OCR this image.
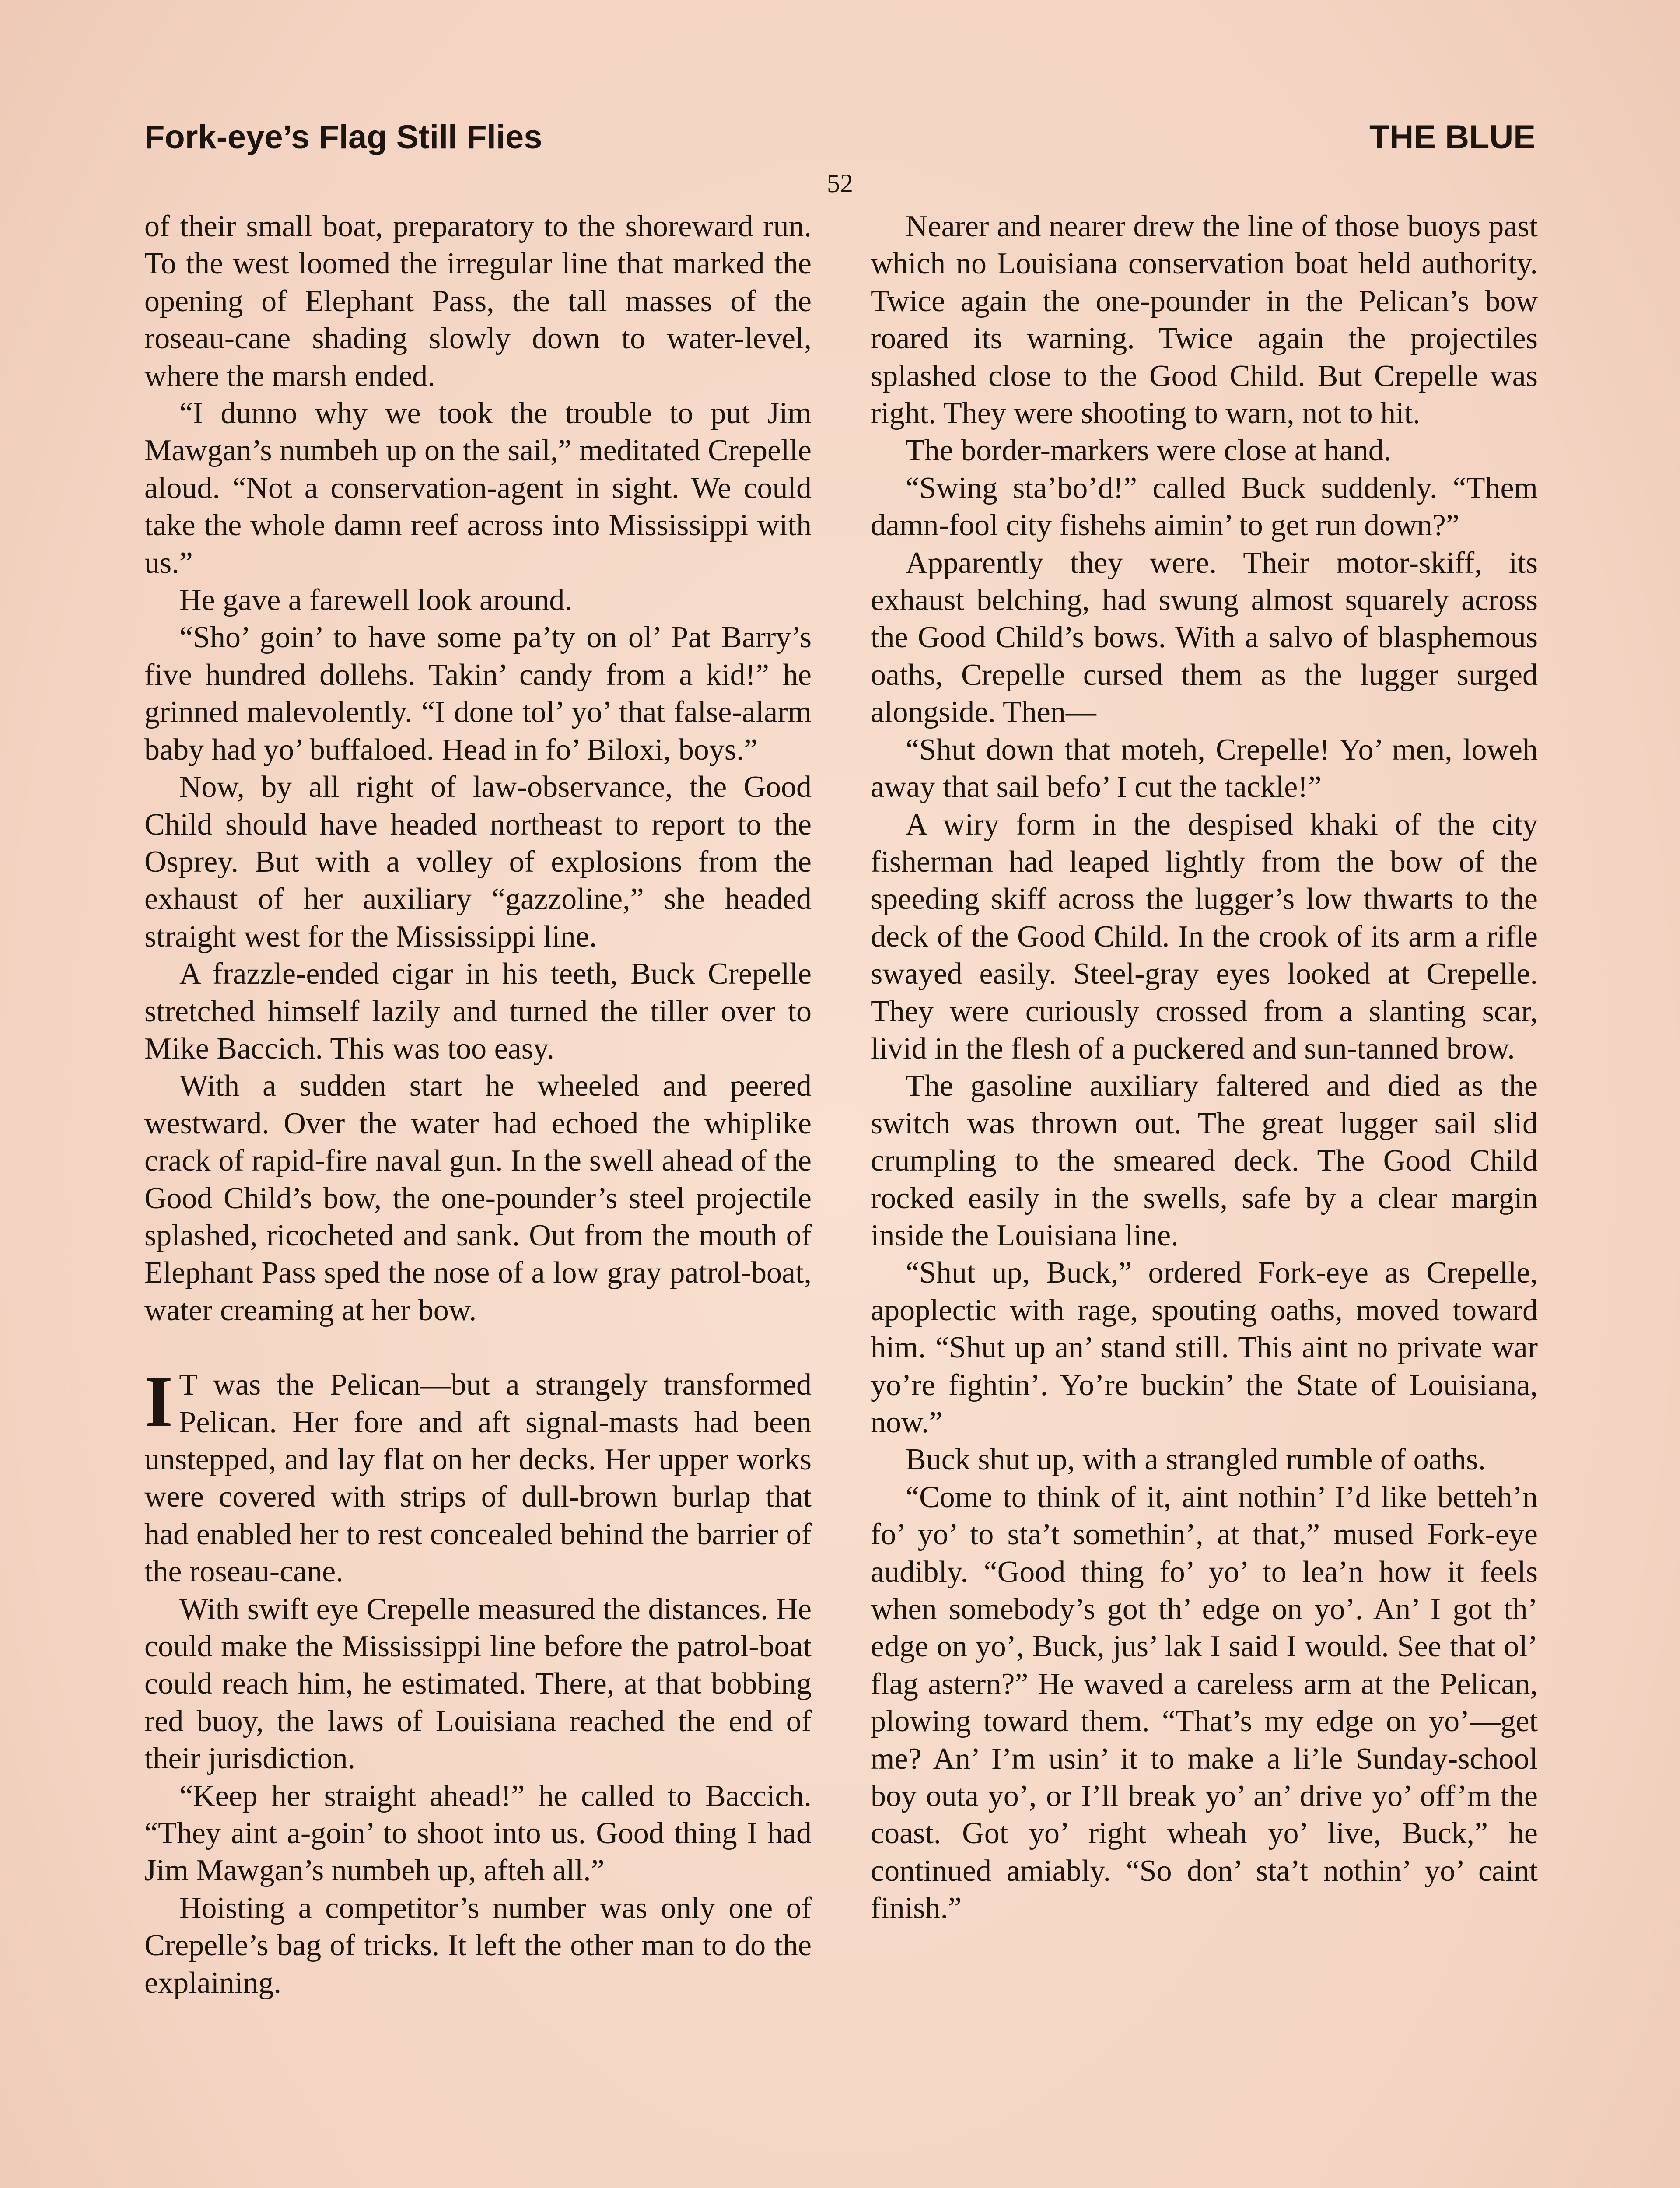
Fork-eye’s Flag Still Flies	THE BLUE
52

of their small boat, preparatory to the shoreward run. To the west loomed the irregular line that marked the opening of Elephant Pass, the tall masses of the roseau-cane shading slowly down to water-level, where the marsh ended.

“I dunno why we took the trouble to put Jim Mawgan’s numbeh up on the sail,” meditated Crepelle aloud. “Not a conservation-agent in sight. We could take the whole damn reef across into Mississippi with us.”

He gave a farewell look around.

“Sho’ goin’ to have some pa’ty on ol’ Pat Barry’s five hundred dollehs. Takin’ candy from a kid!” he grinned malevolently. “I done tol’ yo’ that false-alarm baby had yo’ buffaloed. Head in fo’ Biloxi, boys.”

Now, by all right of law-observance, the Good Child should have headed northeast to report to the Osprey. But with a volley of explosions from the exhaust of her auxiliary “gazzoline,” she headed straight west for the Mississippi line.

A frazzle-ended cigar in his teeth, Buck Crepelle stretched himself lazily and turned the tiller over to Mike Baccich. This was too easy.

With a sudden start he wheeled and peered westward. Over the water had echoed the whiplike crack of rapid-fire naval gun. In the swell ahead of the Good Child’s bow, the one-pounder’s steel projectile splashed, ricocheted and sank. Out from the mouth of Elephant Pass sped the nose of a low gray patrol-boat, water creaming at her bow.

I T was the Pelican—but a strangely transformed Pelican. Her fore and aft signal-masts had been unstepped, and lay flat on her decks. Her upper works were covered with strips of dull-brown burlap that had enabled her to rest concealed behind the barrier of the roseau-cane.

With swift eye Crepelle measured the distances. He could make the Mississippi line before the patrol-boat could reach him, he estimated. There, at that bobbing red buoy, the laws of Louisiana reached the end of their jurisdiction.

“Keep her straight ahead!” he called to Baccich. “They aint a-goin’ to shoot into us. Good thing I had Jim Mawgan’s numbeh up, afteh all.”

Hoisting a competitor’s number was only one of Crepelle’s bag of tricks. It left the other man to do the explaining.

Nearer and nearer drew the line of those buoys past which no Louisiana conservation boat held authority. Twice again the one-pounder in the Pelican’s bow roared its warning. Twice again the projectiles splashed close to the Good Child. But Crepelle was right. They were shooting to warn, not to hit.

The border-markers were close at hand.

“Swing sta’bo’d!” called Buck suddenly. “Them damn-fool city fishehs aimin’ to get run down?”

Apparently they were. Their motor-skiff, its exhaust belching, had swung almost squarely across the Good Child’s bows. With a salvo of blasphemous oaths, Crepelle cursed them as the lugger surged alongside. Then—

“Shut down that moteh, Crepelle! Yo’ men, loweh away that sail befo’ I cut the tackle!”

A wiry form in the despised khaki of the city fisherman had leaped lightly from the bow of the speeding skiff across the lugger’s low thwarts to the deck of the Good Child. In the crook of its arm a rifle swayed easily. Steel-gray eyes looked at Crepelle. They were curiously crossed from a slanting scar, livid in the flesh of a puckered and sun-tanned brow.

The gasoline auxiliary faltered and died as the switch was thrown out. The great lugger sail slid crumpling to the smeared deck. The Good Child rocked easily in the swells, safe by a clear margin inside the Louisiana line.

“Shut up, Buck,” ordered Fork-eye as Crepelle, apoplectic with rage, spouting oaths, moved toward him. “Shut up an’ stand still. This aint no private war yo’re fightin’. Yo’re buckin’ the State of Louisiana, now.”

Buck shut up, with a strangled rumble of oaths.

“Come to think of it, aint nothin’ I’d like betteh’n fo’ yo’ to sta’t somethin’, at that,” mused Fork-eye audibly. “Good thing fo’ yo’ to lea’n how it feels when somebody’s got th’ edge on yo’. An’ I got th’ edge on yo’, Buck, jus’ lak I said I would. See that ol’ flag astern?” He waved a careless arm at the Pelican, plowing toward them. “That’s my edge on yo’—get me? An’ I’m usin’ it to make a li’le Sunday-school boy outa yo’, or I’ll break yo’ an’ drive yo’ off’m the coast. Got yo’ right wheah yo’ live, Buck,” he continued amiably. “So don’ sta’t nothin’ yo’ caint finish.”
